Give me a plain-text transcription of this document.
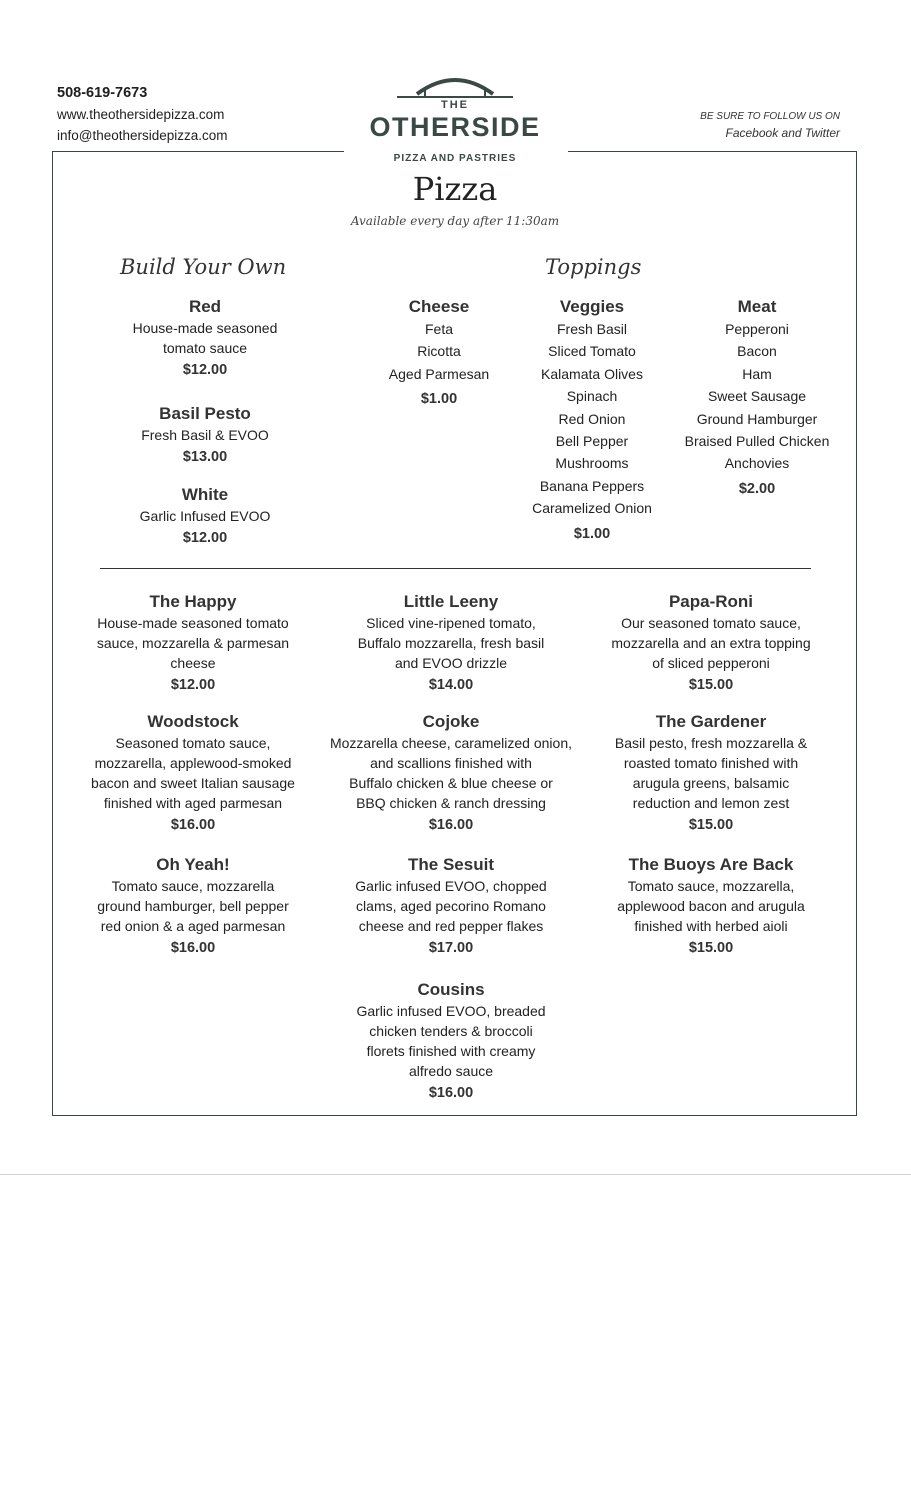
508-619-7673
www.theothersidepizza.com
info@theothersidepizza.com
BE SURE TO FOLLOW US ON
Facebook and Twitter
THE
OTHERSIDE
PIZZA AND PASTRIES
Pizza
Available every day after 11:30am
Build Your Own	Toppings
Red
House-made seasoned
tomato sauce
$12.00
Basil Pesto
Fresh Basil & EVOO
$13.00
White
Garlic Infused EVOO
$12.00
Cheese
Feta
Ricotta
Aged Parmesan
$1.00
Veggies
Fresh Basil
Sliced Tomato
Kalamata Olives
Spinach
Red Onion
Bell Pepper
Mushrooms
Banana Peppers
Caramelized Onion
$1.00
Meat
Pepperoni
Bacon
Ham
Sweet Sausage
Ground Hamburger
Braised Pulled Chicken
Anchovies
$2.00
The Happy
House-made seasoned tomato
sauce, mozzarella & parmesan
cheese
$12.00
Little Leeny
Sliced vine-ripened tomato,
Buffalo mozzarella, fresh basil
and EVOO drizzle
$14.00
Papa-Roni
Our seasoned tomato sauce,
mozzarella and an extra topping
of sliced pepperoni
$15.00
Woodstock
Seasoned tomato sauce,
mozzarella, applewood-smoked
bacon and sweet Italian sausage
finished with aged parmesan
$16.00
Cojoke
Mozzarella cheese, caramelized onion,
and scallions finished with
Buffalo chicken & blue cheese or
BBQ chicken & ranch dressing
$16.00
The Gardener
Basil pesto, fresh mozzarella &
roasted tomato finished with
arugula greens, balsamic
reduction and lemon zest
$15.00
Oh Yeah!
Tomato sauce, mozzarella
ground hamburger, bell pepper
red onion & a aged parmesan
$16.00
The Sesuit
Garlic infused EVOO, chopped
clams, aged pecorino Romano
cheese and red pepper flakes
$17.00
The Buoys Are Back
Tomato sauce, mozzarella,
applewood bacon and arugula
finished with herbed aioli
$15.00
Cousins
Garlic infused EVOO, breaded
chicken tenders & broccoli
florets finished with creamy
alfredo sauce
$16.00
